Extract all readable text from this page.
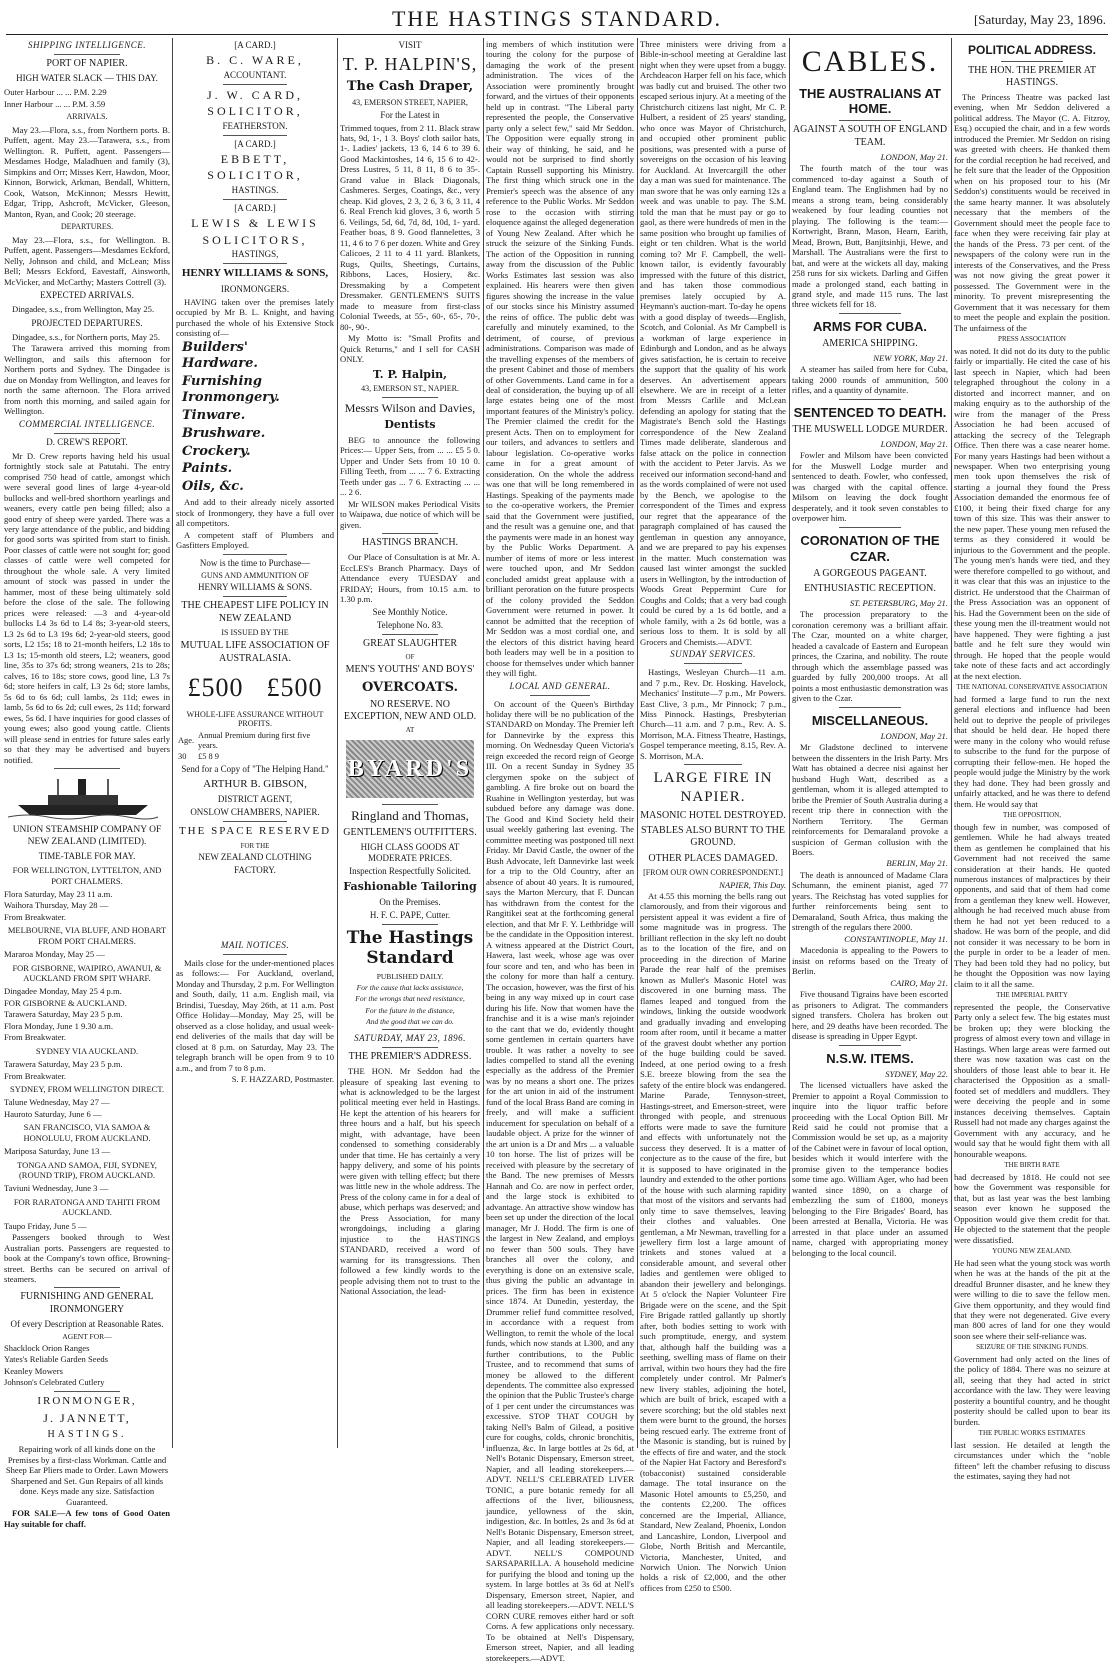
THE HASTINGS STANDARD.	[Saturday, May 23, 1896.
SHIPPING INTELLIGENCE.
PORT OF NAPIER.
HIGH WATER SLACK — THIS DAY.

Outer Harbour ... ... P.M. 2.29

Inner Harbour ... ... P.M. 3.59

ARRIVALS.

May 23.—Flora, s.s., from Northern ports. B. Puffett, agent. May 23.—Tarawera, s.s., from Wellington. R. Puffett, agent. Passengers—Mesdames Hodge, Maladhuen and family (3), Simpkins and Orr; Misses Kerr, Hawdon, Moor, Kinnon, Borwick, Arkman, Bendall, Whittern, Cook, Watson, McKinnon; Messrs Hewitt, Edgar, Tripp, Ashcroft, McVicker, Gleeson, Manton, Ryan, and Cook; 20 steerage.

DEPARTURES.

May 23.—Flora, s.s., for Wellington. B. Puffett, agent. Passengers—Mesdames Eckford, Nelly, Johnson and child, and McLean; Miss Bell; Messrs Eckford, Eavestaff, Ainsworth, McVicker, and McCarthy; Masters Cottrell (3).

EXPECTED ARRIVALS.

Dingadee, s.s., from Wellington, May 25.

PROJECTED DEPARTURES.

Dingadee, s.s., for Northern ports, May 25.

The Tarawera arrived this morning from Wellington, and sails this afternoon for Northern ports and Sydney. The Dingadee is due on Monday from Wellington, and leaves for north the same afternoon. The Flora arrived from north this morning, and sailed again for Wellington.

COMMERCIAL INTELLIGENCE.
D. CREW'S REPORT.

Mr D. Crew reports having held his usual fortnightly stock sale at Patutahi. The entry comprised 750 head of cattle, amongst which were several good lines of large 4-year-old bullocks and well-bred shorthorn yearlings and weaners, every cattle pen being filled; also a good entry of sheep were yarded. There was a very large attendance of the public, and bidding for good sorts was spirited from start to finish. Poor classes of cattle were not sought for; good classes of cattle were well competed for throughout the whole sale. A very limited amount of stock was passed in under the hammer, most of these being ultimately sold before the close of the sale. The following prices were released: —3 and 4-year-old bullocks L4 3s 6d to L4 8s; 3-year-old steers, L3 2s 6d to L3 19s 6d; 2-year-old steers, good sorts, L2 15s; 18 to 21-month heifers, L2 18s to L3 1s; 15-month old steers, L2; weaners, good line, 35s to 37s 6d; strong weaners, 21s to 28s; calves, 16 to 18s; store cows, good line, L3 7s 6d; store heifers in calf, L3 2s 6d; store lambs, 5s 6d to 6s 6d; cull lambs, 2s 11d; ewes in lamb, 5s 6d to 6s 2d; cull ewes, 2s 11d; forward ewes, 5s 6d. I have inquiries for good classes of young ewes; also good young cattle. Clients will please send in entries for future sales early so that they may be advertised and buyers notified.

UNION STEAMSHIP COMPANY OF NEW ZEALAND (LIMITED).
TIME-TABLE FOR MAY.
FOR WELLINGTON, LYTTELTON, AND PORT CHALMERS.

Flora Saturday, May 23 11 a.m.

Waihora Thursday, May 28 —

From Breakwater.

MELBOURNE, VIA BLUFF, AND HOBART FROM PORT CHALMERS.

Mararoa Monday, May 25 —

FOR GISBORNE, WAIPIRO, AWANUI, & AUCKLAND FROM SPIT WHARF.

Dingadee Monday, May 25 4 p.m.

FOR GISBORNE & AUCKLAND.

Tarawera Saturday, May 23 5 p.m.

Flora Monday, June 1 9.30 a.m.

From Breakwater.

SYDNEY VIA AUCKLAND.

Tarawera Saturday, May 23 5 p.m.

From Breakwater.

SYDNEY, FROM WELLINGTON DIRECT.

Talune Wednesday, May 27 —

Hauroto Saturday, June 6 —

SAN FRANCISCO, VIA SAMOA & HONOLULU, FROM AUCKLAND.

Mariposa Saturday, June 13 —

TONGA AND SAMOA, FIJI, SYDNEY, (ROUND TRIP), FROM AUCKLAND.

Taviuni Wednesday, June 3 —

FOR RARATONGA AND TAHITI FROM AUCKLAND.

Taupo Friday, June 5 —

Passengers booked through to West Australian ports. Passengers are requested to book at the Company's town office, Browning-street. Berths can be secured on arrival of steamers.

FURNISHING AND GENERAL IRONMONGERY
Of every Description at Reasonable Rates.
AGENT FOR—

Shacklock Orion Ranges

Yates's Reliable Garden Seeds

Keanley Mowers

Johnson's Celebrated Cutlery

IRONMONGER,
J. JANNETT,
HASTINGS.

Repairing work of all kinds done on the Premises by a first-class Workman. Cattle and Sheep Ear Pliers made to Order. Lawn Mowers Sharpened and Set. Gun Repairs of all kinds done. Keys made any size. Satisfaction Guaranteed.

FOR SALE—A few tons of Good Oaten Hay suitable for chaff.

[A CARD.]
B. C. WARE,
ACCOUNTANT.
J. W. CARD,
SOLICITOR,
FEATHERSTON.
[A CARD.]
EBBETT,
SOLICITOR,
HASTINGS.
[A CARD.]
LEWIS & LEWIS
SOLICITORS,
HASTINGS,
HENRY WILLIAMS & SONS,
IRONMONGERS.

HAVING taken over the premises lately occupied by Mr B. L. Knight, and having purchased the whole of his Extensive Stock consisting of—

Builders' Hardware.
Furnishing Ironmongery.
Tinware.
Brushware.
Crockery.
Paints.
Oils, &c.

And add to their already nicely assorted stock of Ironmongery, they have a full over all competitors.

A competent staff of Plumbers and Gasfitters Employed.

Now is the time to Purchase—
GUNS AND AMMUNITION OF
HENRY WILLIAMS & SONS.
THE CHEAPEST LIFE POLICY IN NEW ZEALAND
IS ISSUED BY THE
MUTUAL LIFE ASSOCIATION OF AUSTRALASIA.
£500 £500
WHOLE-LIFE ASSURANCE WITHOUT PROFITS.
Age.	Annual Premium during first five years.
30	£5 8 9
Send for a Copy of "The Helping Hand."
ARTHUR B. GIBSON,
DISTRICT AGENT,
ONSLOW CHAMBERS, NAPIER.
THE SPACE RESERVED
FOR THE
NEW ZEALAND CLOTHING
FACTORY.
MAIL NOTICES.

Mails close for the under-mentioned places as follows:— For Auckland, overland, Monday and Thursday, 2 p.m. For Wellington and South, daily, 11 a.m. English mail, via Brindisi, Tuesday, May 26th, at 11 a.m. Post Office Holiday—Monday, May 25, will be observed as a close holiday, and usual week-end deliveries of the mails that day will be closed at 8 p.m. on Saturday, May 23. The telegraph branch will be open from 9 to 10 a.m., and from 7 to 8 p.m.

S. F. HAZZARD, Postmaster.

VISIT
T. P. HALPIN'S,
The Cash Draper,
43, EMERSON STREET, NAPIER,
For the Latest in

Trimmed toques, from 2 11. Black straw hats, 9d, 1-, 1 3. Boys' cloth sailor hats, 1-. Ladies' jackets, 13 6, 14 6 to 39 6. Good Mackintoshes, 14 6, 15 6 to 42-. Dress Lustres, 5 11, 8 11, 8 6 to 35-. Grand value in Black Diagonals, Cashmeres. Serges, Coatings, &c., very cheap. Kid gloves, 2 3, 2 6, 3 6, 3 11, 4 6. Real French kid gloves, 3 6, worth 5 6. Veilings, 5d, 6d, 7d, 8d, 10d, 1- yard. Feather boas, 8 9. Good flannelettes, 3 11, 4 6 to 7 6 per dozen. White and Grey Calicoes, 2 11 to 4 11 yard. Blankets, Rugs, Quilts, Sheetings, Curtains, Ribbons, Laces, Hosiery, &c. Dressmaking by a Competent Dressmaker. GENTLEMEN'S SUITS made to measure from first-class Colonial Tweeds, at 55-, 60-, 65-, 70-, 80-, 90-.

My Motto is: "Small Profits and Quick Returns," and I sell for CASH ONLY.

T. P. Halpin,
43, EMERSON ST., NAPIER.
Messrs Wilson and Davies,
Dentists

BEG to announce the following Prices:— Upper Sets, from ... ... £5 5 0. Upper and Under Sets from 10 10 0. Filling Teeth, from ... ... 7 6. Extracting Teeth under gas ... 7 6. Extracting ... ... ... 2 6.

Mr WILSON makes Periodical Visits to Waipawa, due notice of which will be given.

HASTINGS BRANCH.

Our Place of Consultation is at Mr. A. EccLES's Branch Pharmacy. Days of Attendance every TUESDAY and FRIDAY; Hours, from 10.15 a.m. to 1.30 p.m.

See Monthly Notice.
Telephone No. 83.
GREAT SLAUGHTER
OF
MEN'S YOUTHS' AND BOYS'
OVERCOATS.
NO RESERVE. NO EXCEPTION, NEW AND OLD.
AT
BYARD'S
Ringland and Thomas,
GENTLEMEN'S OUTFITTERS.
HIGH CLASS GOODS AT MODERATE PRICES.
Inspection Respectfully Solicited.
Fashionable Tailoring
On the Premises.
H. F. C. PAPE, Cutter.
The Hastings Standard
PUBLISHED DAILY.
For the cause that lacks assistance,
For the wrongs that need resistance,
For the future in the distance,
And the good that we can do.
SATURDAY, MAY 23, 1896.
THE PREMIER'S ADDRESS.

THE HON. Mr Seddon had the pleasure of speaking last evening to what is acknowledged to be the largest political meeting ever held in Hastings. He kept the attention of his hearers for three hours and a half, but his speech might, with advantage, have been condensed to something considerably under that time. He has certainly a very happy delivery, and some of his points were given with telling effect; but there was little new in the whole address. The Press of the colony came in for a deal of abuse, which perhaps was deserved; and the Press Association, for many wrongdoings, including a glaring injustice to the HASTINGS STANDARD, received a word of warning for its transgressions. Then followed a few kindly words to the people advising them not to trust to the National Association, the lead-

ing members of which institution were touring the colony for the purpose of damaging the work of the present administration. The vices of the Association were prominently brought forward, and the virtues of their opponents held up in contrast. "The Liberal party represented the people, the Conservative party only a select few," said Mr Seddon. The Opposition were equally strong in their way of thinking, he said, and he would not be surprised to find shortly Captain Russell supporting his Ministry. The first thing which struck one in the Premier's speech was the absence of any reference to the Public Works. Mr Seddon rose to the occasion with stirring eloquence against the alleged degeneration of Young New Zealand. After which he struck the seizure of the Sinking Funds. The action of the Opposition in running away from the discussion of the Public Works Estimates last session was also explained. His hearers were then given figures showing the increase in the value of our stocks since his Ministry assumed the reins of office. The public debt was carefully and minutely examined, to the detriment, of course, of previous administrations. Comparison was made of the travelling expenses of the members of the present Cabinet and those of members of other Governments. Land came in for a deal of consideration, the buying up of all large estates being one of the most important features of the Ministry's policy. The Premier claimed the credit for the present Acts. Then on to employment for our toilers, and advances to settlers and labour legislation. Co-operative works came in for a great amount of consideration. On the whole the address was one that will be long remembered in Hastings. Speaking of the payments made to the co-operative workers, the Premier said that the Government were justified, and the result was a genuine one, and that the payments were made in an honest way by the Public Works Department. A number of items of more or less interest were touched upon, and Mr Seddon concluded amidst great applause with a brilliant peroration on the future prospects of the colony provided the Seddon Government were returned in power. It cannot be admitted that the reception of Mr Seddon was a most cordial one, and the electors of this district having heard both leaders may well be in a position to choose for themselves under which banner they will fight.

LOCAL AND GENERAL.

On account of the Queen's Birthday holiday there will be no publication of the STANDARD on Monday. The Premier left for Dannevirke by the express this morning. On Wednesday Queen Victoria's reign exceeded the record reign of George III. On a recent Sunday in Sydney 35 clergymen spoke on the subject of gambling. A fire broke out on board the Ruahine in Wellington yesterday, but was subdued before any damage was done. The Good and Kind Society held their usual weekly gathering last evening. The committee meeting was postponed till next Friday. Mr David Castle, the owner of the Bush Advocate, left Dannevirke last week for a trip to the Old Country, after an absence of about 40 years. It is rumoured, says the Marton Mercury, that F. Duncan has withdrawn from the contest for the Rangitikei seat at the forthcoming general election, and that Mr F. Y. Lethbridge will be the candidate in the Opposition interest. A witness appeared at the District Court, Hawera, last week, whose age was over four score and ten, and who has been in the colony for more than half a century. The occasion, however, was the first of his being in any way mixed up in court case during his life. Now that women have the franchise and it is a wise man's rejoinder to the cant that we do, evidently thought some gentlemen in certain quarters have trouble. It was rather a novelty to see ladies compelled to stand all the evening especially as the address of the Premier was by no means a short one. The prizes for the art union in aid of the instrument fund of the local Brass Band are coming in freely, and will make a sufficient inducement for speculation on behalf of a laudable object. A prize for the winner of the art union is a Dr and Mrs ... a valuable 10 ton horse. The list of prizes will be received with pleasure by the secretary of the Band. The new premises of Messrs Hannah and Co. are now in perfect order, and the large stock is exhibited to advantage. An attractive show window has been set up under the direction of the local manager, Mr J. Hodd. The firm is one of the largest in New Zealand, and employs no fewer than 500 souls. They have branches all over the colony, and everything is done on an extensive scale, thus giving the public an advantage in prices. The firm has been in existence since 1874. At Dunedin, yesterday, the Drummer relief fund committee resolved, in accordance with a request from Wellington, to remit the whole of the local funds, which now stands at L300, and any further contributions, to the Public Trustee, and to recommend that sums of money be allowed to the different dependents. The committee also expressed the opinion that the Public Trustee's charge of 1 per cent under the circumstances was excessive. STOP THAT COUGH by taking Nell's Balm of Gilead, a positive cure for coughs, colds, chronic bronchitis, influenza, &c. In large bottles at 2s 6d, at Nell's Botanic Dispensary, Emerson street, Napier, and all leading storekeepers.—ADVT. NELL'S CELEBRATED LIVER TONIC, a pure botanic remedy for all affections of the liver, biliousness, jaundice, yellowness of the skin, indigestion, &c. In bottles, 2s and 3s 6d at Nell's Botanic Dispensary, Emerson street, Napier, and all leading storekeepers.—ADVT. NELL'S COMPOUND SARSAPARILLA. A household medicine for purifying the blood and toning up the system. In large bottles at 3s 6d at Nell's Dispensary, Emerson street, Napier, and all leading storekeepers.—ADVT. NELL'S CORN CURE removes either hard or soft Corns. A few applications only necessary. To be obtained at Nell's Dispensary, Emerson street, Napier, and all leading storekeepers.—ADVT.

Three ministers were driving from a Bible-in-school meeting at Geraldine last night when they were upset from a buggy. Archdeacon Harper fell on his face, which was badly cut and bruised. The other two escaped serious injury. At a meeting of the Christchurch citizens last night, Mr C. P. Hulbert, a resident of 25 years' standing, who once was Mayor of Christchurch, and occupied other prominent public positions, was presented with a purse of sovereigns on the occasion of his leaving for Auckland. At Invercargill the other day a man was sued for maintenance. The man swore that he was only earning 12s a week and was unable to pay. The S.M. told the man that he must pay or go to gaol, as there were hundreds of men in the same position who brought up families of eight or ten children. What is the world coming to? Mr F. Campbell, the well-known tailor, is evidently favourably impressed with the future of this district, and has taken those commodious premises lately occupied by A. Heymann's auction-mart. To-day he opens with a good display of tweeds—English, Scotch, and Colonial. As Mr Campbell is a workman of large experience in Edinburgh and London, and as he always gives satisfaction, he is certain to receive the support that the quality of his work deserves. An advertisement appears elsewhere. We are in receipt of a letter from Messrs Carlile and Mcl.ean defending an apology for stating that the Magistrate's Bench sold the Hastings correspondence of the New Zealand Times made deliberate, slanderous and false attack on the police in connection with the accident to Peter Jarvis. As we received our information second-hand and as the words complained of were not used by the Bench, we apologise to the correspondent of the Times and express our regret that the appearance of the paragraph complained of has caused the gentleman in question any annoyance, and we are prepared to pay his expenses in the matter. Much consternation was caused last winter amongst the suckled users in Wellington, by the introduction of Woods Great Peppermint Cure for Coughs and Colds; that a very bad cough could be cured by a 1s 6d bottle, and a whole family, with a 2s 6d bottle, was a serious loss to them. It is sold by all Grocers and Chemists.—ADVT.

SUNDAY SERVICES.

Hastings, Wesleyan Church—11 a.m. and 7 p.m., Rev. Dr. Hosking. Havelock, Mechanics' Institute—7 p.m., Mr Powers. East Clive, 3 p.m., Mr Pinnock; 7 p.m., Miss Pinnock. Hastings, Presbyterian Church—11 a.m. and 7 p.m., Rev. A. S. Morrison, M.A. Fitness Theatre, Hastings, Gospel temperance meeting, 8.15, Rev. A. S. Morrison, M.A.

LARGE FIRE IN NAPIER.
MASONIC HOTEL DESTROYED.
STABLES ALSO BURNT TO THE GROUND.
OTHER PLACES DAMAGED.
[FROM OUR OWN CORRESPONDENT.]

NAPIER, This Day.

At 4.55 this morning the bells rang out clamorously, and from their vigorous and persistent appeal it was evident a fire of some magnitude was in progress. The brilliant reflection in the sky left no doubt as to the location of the fire, and on proceeding in the direction of Marine Parade the rear half of the premises known as Muller's Masonic Hotel was discovered in one burning mass. The flames leaped and tongued from the windows, linking the outside woodwork and gradually invading and enveloping room after room, until it became a matter of the gravest doubt whether any portion of the huge building could be saved. Indeed, at one period owing to a fresh S.E. breeze blowing from the sea the safety of the entire block was endangered. Marine Parade, Tennyson-street, Hastings-street, and Emerson-street, were thronged with people, and strenuous efforts were made to save the furniture and effects with unfortunately not the success they deserved. It is a matter of conjecture as to the cause of the fire, but it is supposed to have originated in the laundry and extended to the other portions of the house with such alarming rapidity that most of the visitors and servants had only time to save themselves, leaving their clothes and valuables. One gentleman, a Mr Newman, travelling for a jewellery firm lost a large amount of trinkets and stones valued at a considerable amount, and several other ladies and gentlemen were obliged to abandon their jewellery and belongings. At 5 o'clock the Napier Volunteer Fire Brigade were on the scene, and the Spit Fire Brigade rattled gallantly up shortly after, both bodies setting to work with such promptitude, energy, and system that, although half the building was a seething, swelling mass of flame on their arrival, within two hours they had the fire completely under control. Mr Palmer's new livery stables, adjoining the hotel, which are built of brick, escaped with a severe scorching; but the old stables next them were burnt to the ground, the horses being rescued early. The extreme front of the Masonic is standing, but is ruined by the effects of fire and water, and the stock of the Napier Hat Factory and Beresford's (tobacconist) sustained considerable damage. The total insurance on the Masonic Hotel amounts to £5,250, and the contents £2,200. The offices concerned are the Imperial, Alliance, Standard, New Zealand, Phoenix, London and Lancashire, London, Liverpool and Globe, North British and Mercantile, Victoria, Manchester, United, and Norwich Union. The Norwich Union holds a risk of £2,000, and the other offices from £250 to £500.

CABLES.
THE AUSTRALIANS AT HOME.
AGAINST A SOUTH OF ENGLAND TEAM.

LONDON, May 21.

The fourth match of the tour was commenced to-day against a South of England team. The Englishmen had by no means a strong team, being considerably weakened by four leading counties not playing. The following is the team:—Kortwright, Brann, Mason, Hearn, Earith, Mead, Brown, Butt, Banjitsinhji, Hewe, and Marshall. The Australians were the first to bat, and were at the wickets all day, making 258 runs for six wickets. Darling and Giffen made a prolonged stand, each batting in grand style, and made 115 runs. The last three wickets fell for 18.

ARMS FOR CUBA.
AMERICA SHIPPING.

NEW YORK, May 21.

A steamer has sailed from here for Cuba, taking 2000 rounds of ammunition, 500 rifles, and a quantity of dynamite.

SENTENCED TO DEATH.
THE MUSWELL LODGE MURDER.

LONDON, May 21.

Fowler and Milsom have been convicted for the Muswell Lodge murder and sentenced to death. Fowler, who confessed, was charged with the capital offence. Milsom on leaving the dock fought desperately, and it took seven constables to overpower him.

CORONATION OF THE CZAR.
A GORGEOUS PAGEANT.
ENTHUSIASTIC RECEPTION.

ST. PETERSBURG, May 21.

The procession preparatory to the coronation ceremony was a brilliant affair. The Czar, mounted on a white charger, headed a cavalcade of Eastern and European princes, the Czarina, and nobility. The route through which the assemblage passed was guarded by fully 200,000 troops. At all points a most enthusiastic demonstration was given to the Czar.

MISCELLANEOUS.

LONDON, May 21.

Mr Gladstone declined to intervene between the dissenters in the Irish Party. Mrs Watt has obtained a decree nisi against her husband Hugh Watt, described as a gentleman, whom it is alleged attempted to bribe the Premier of South Australia during a recent trip there in connection with the Northern Territory. The German reinforcements for Demaraland provoke a suspicion of German collusion with the Boers.

BERLIN, May 21.

The death is announced of Madame Clara Schumann, the eminent pianist, aged 77 years. The Reichstag has voted supplies for further reinforcements being sent to Demaraland, South Africa, thus making the strength of the regulars there 2000.

CONSTANTINOPLE, May 11.

Macedonia is appealing to the Powers to insist on reforms based on the Treaty of Berlin.

CAIRO, May 21.

Five thousand Tigrains have been escorted as prisoners to Adigrat. The commanders signed transfers. Cholera has broken out here, and 29 deaths have been recorded. The disease is spreading in Upper Egypt.

N.S.W. ITEMS.

SYDNEY, May 22.

The licensed victuallers have asked the Premier to appoint a Royal Commission to inquire into the liquor traffic before proceeding with the Local Option Bill. Mr Reid said he could not promise that a Commission would be set up, as a majority of the Cabinet were in favour of local option, besides which it would interfere with the promise given to the temperance bodies some time ago. William Ager, who had been wanted since 1890, on a charge of embezzling the sum of £1800, moneys belonging to the Fire Brigades' Board, has been arrested at Benalla, Victoria. He was arrested in that place under an assumed name, charged with appropriating money belonging to the local council.

POLITICAL ADDRESS.
THE HON. THE PREMIER AT HASTINGS.

The Princess Theatre was packed last evening, when Mr Seddon delivered a political address. The Mayor (C. A. Fitzroy, Esq.) occupied the chair, and in a few words introduced the Premier. Mr Seddon on rising was greeted with cheers. He thanked them for the cordial reception he had received, and he felt sure that the leader of the Opposition when on his proposed tour to his (Mr Seddon's) constituents would be received in the same hearty manner. It was absolutely necessary that the members of the Government should meet the people face to face when they were receiving fair play at the hands of the Press. 73 per cent. of the newspapers of the colony were run in the interests of the Conservatives, and the Press was not now giving the great power it possessed. The Government were in the minority. To prevent misrepresenting the Government that it was necessary for them to meet the people and explain the position. The unfairness of the

PRESS ASSOCIATION

was noted. It did not do its duty to the public fairly or impartially. He cited the case of his last speech in Napier, which had been telegraphed throughout the colony in a distorted and incorrect manner, and on making enquiry as to the authorship of the wire from the manager of the Press Association he had been accused of attacking the secrecy of the Telegraph Office. Then there was a case nearer home. For many years Hastings had been without a newspaper. When two enterprising young men took upon themselves the risk of starting a journal they found the Press Association demanded the enormous fee of £100, it being their fixed charge for any town of this size. This was their answer to the new paper. These young men refused the terms as they considered it would be injurious to the Government and the people. The young men's hands were tied, and they were therefore compelled to go without, and it was clear that this was an injustice to the district. He understood that the Chairman of the Press Association was an opponent of his. Had the Government been on the side of these young men the ill-treatment would not have happened. They were fighting a just battle and he felt sure they would win through. He hoped that the people would take note of these facts and act accordingly at the next election.

THE NATIONAL CONSERVATIVE ASSOCIATION

had formed a large fund to run the next general elections and influence had been held out to deprive the people of privileges that should be held dear. He hoped there were many in the colony who would refuse to subscribe to the fund for the purpose of corrupting their fellow-men. He hoped the people would judge the Ministry by the work they had done. They had been grossly and unfairly attacked, and he was there to defend them. He would say that

THE OPPOSITION,

though few in number, was composed of gentlemen. While he had always treated them as gentlemen he complained that his Government had not received the same consideration at their hands. He quoted numerous instances of malpractices by their opponents, and said that of them had come from a gentleman they knew well. However, although he had received much abuse from them he had not yet been reduced to a shadow. He was born of the people, and did not consider it was necessary to be born in the purple in order to be a leader of men. They had been told they had no policy, but he thought the Opposition was now laying claim to it all the same.

THE IMPERIAL PARTY

represented the people, the Conservative Party only a select few. The big estates must be broken up; they were blocking the progress of almost every town and village in Hastings. When large areas were farmed out there was now taxation was cast on the shoulders of those least able to bear it. He characterised the Opposition as a small-footed set of meddlers and muddlers. They were deceiving the people and in some instances deceiving themselves. Captain Russell had not made any charges against the Government with any accuracy, and he would say that he would fight them with all honourable weapons.

THE BIRTH RATE

had decreased by 1818. He could not see how the Government was responsible for that, but as last year was the best lambing season ever known he supposed the Opposition would give them credit for that. He objected to the statement that the people were dissatisfied.

YOUNG NEW ZEALAND.

He had seen what the young stock was worth when he was at the hands of the pit at the dreadful Brunner disaster, and he knew they were willing to die to save the fellow men. Give them opportunity, and they would find that they were not degenerated. Give every man 800 acres of land for one they would soon see where their self-reliance was.

SEIZURE OF THE SINKING FUNDS.

Government had only acted on the lines of the policy of 1884. There was no seizure at all, seeing that they had acted in strict accordance with the law. They were leaving posterity a bountiful country, and he thought posterity should be called upon to bear its burden.

THE PUBLIC WORKS ESTIMATES

last session. He detailed at length the circumstances under which the "noble fifteen" left the chamber refusing to discuss the estimates, saying they had not
